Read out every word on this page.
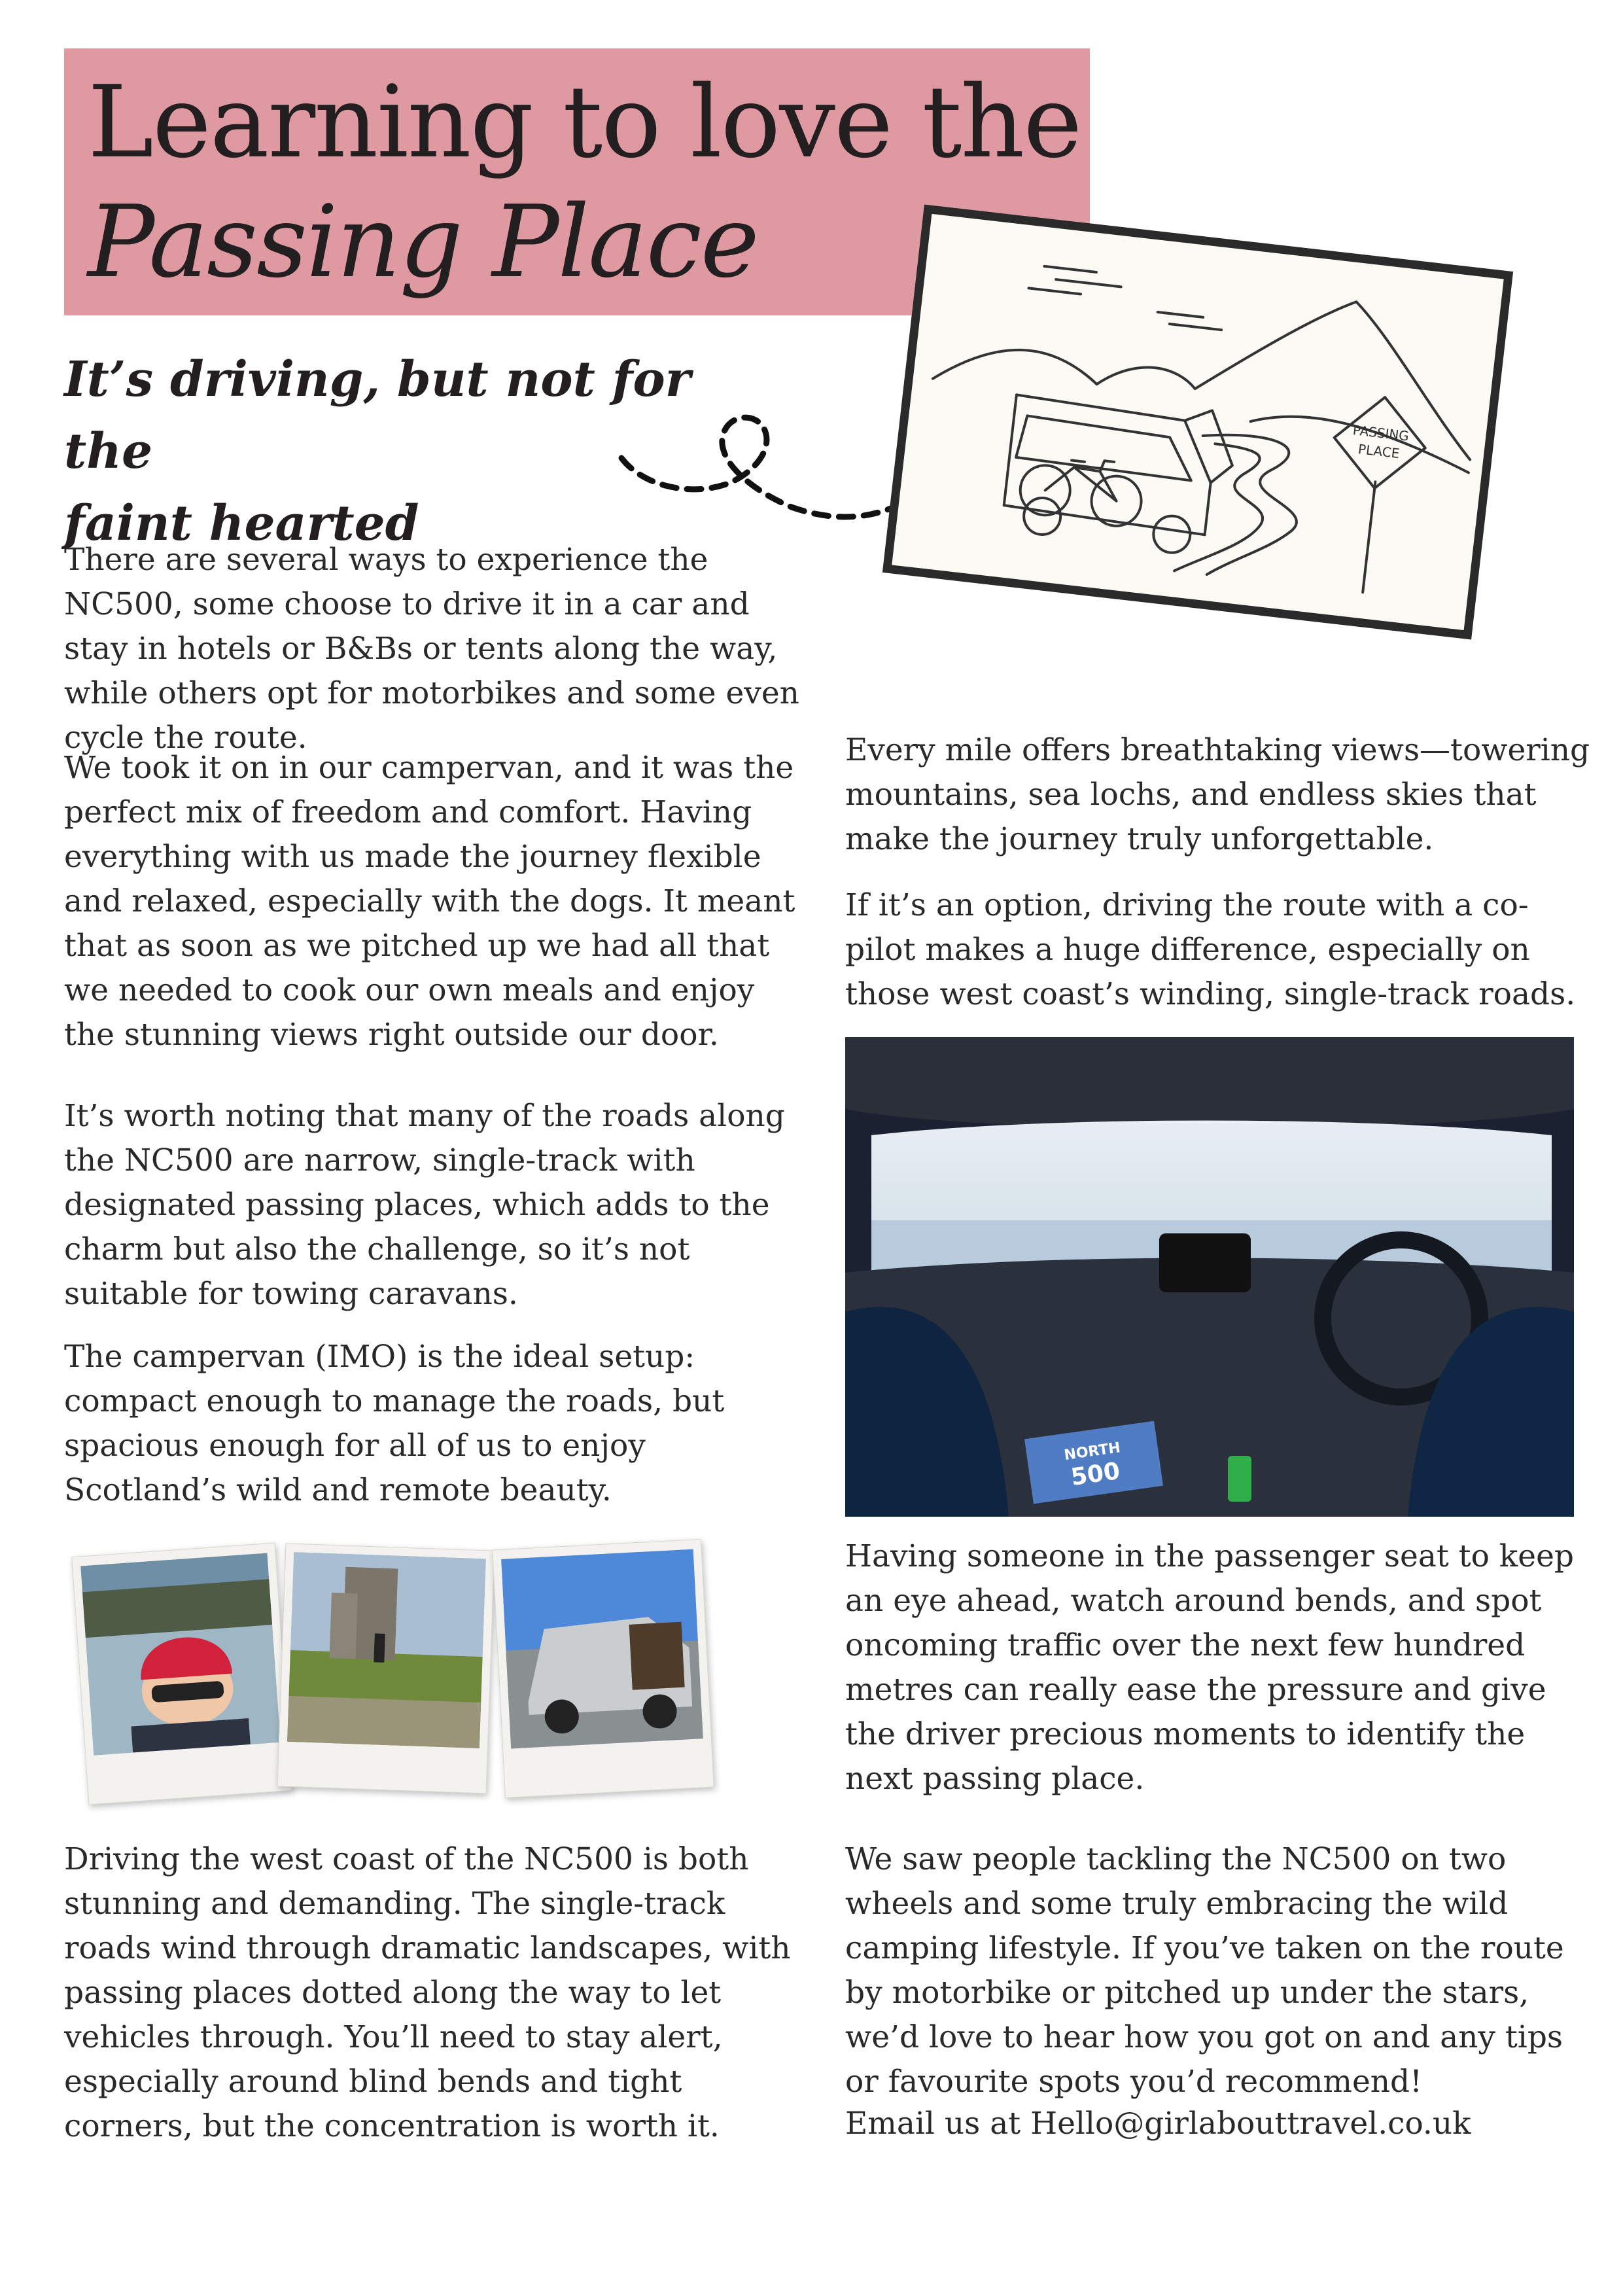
Learning to love the
Passing Place
It’s driving, but not for the
faint hearted
PASSING
PLACE

There are several ways to experience the NC500, some choose to drive it in a car and stay in hotels or B&Bs or tents along the way, while others opt for motorbikes and some even cycle the route.

We took it on in our campervan, and it was the perfect mix of freedom and comfort. Having everything with us made the journey flexible and relaxed, especially with the dogs. It meant that as soon as we pitched up we had all that we needed to cook our own meals and enjoy the stunning views right outside our door.

It’s worth noting that many of the roads along the NC500 are narrow, single-track with designated passing places, which adds to the charm but also the challenge, so it’s not suitable for towing caravans.

The campervan (IMO) is the ideal setup: compact enough to manage the roads, but spacious enough for all of us to enjoy Scotland’s wild and remote beauty.

Driving the west coast of the NC500 is both stunning and demanding. The single-track roads wind through dramatic landscapes, with passing places dotted along the way to let vehicles through. You’ll need to stay alert, especially around blind bends and tight corners, but the concentration is worth it.

Every mile offers breathtaking views—towering mountains, sea lochs, and endless skies that make the journey truly unforgettable.

If it’s an option, driving the route with a co-pilot makes a huge difference, especially on those west coast’s winding, single-track roads.

NORTH
500

Having someone in the passenger seat to keep an eye ahead, watch around bends, and spot oncoming traffic over the next few hundred metres can really ease the pressure and give the driver precious moments to identify the next passing place.

We saw people tackling the NC500 on two wheels and some truly embracing the wild camping lifestyle. If you’ve taken on the route by motorbike or pitched up under the stars, we’d love to hear how you got on and any tips or favourite spots you’d recommend!

Email us at Hello@girlabouttravel.co.uk
